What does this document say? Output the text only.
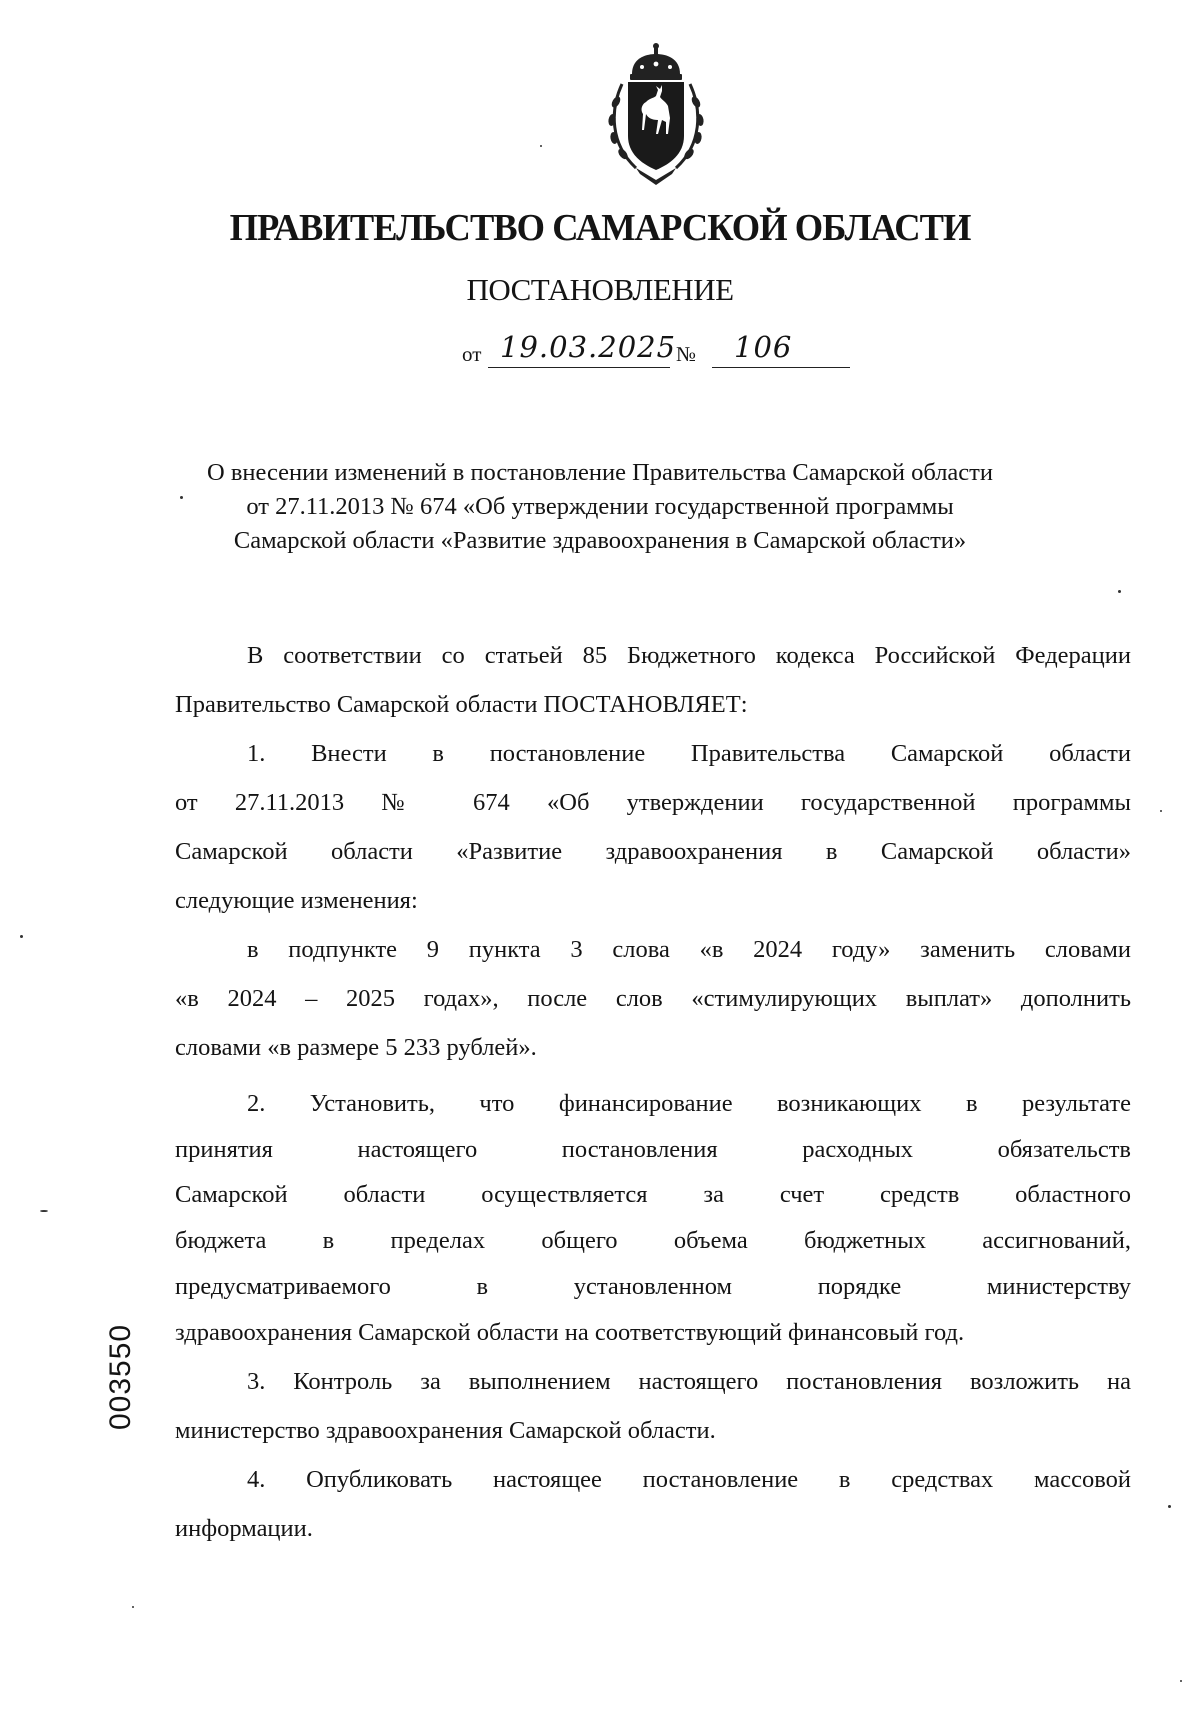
ПРАВИТЕЛЬСТВО САМАРСКОЙ ОБЛАСТИ
ПОСТАНОВЛЕНИЕ
от 19.03.2025 № 106
О внесении изменений в постановление Правительства Самарской области
от 27.11.2013 № 674 «Об утверждении государственной программы
Самарской области «Развитие здравоохранения в Самарской области»
В соответствии со статьей 85 Бюджетного кодекса Российской Федерации
Правительство Самарской области ПОСТАНОВЛЯЕТ:
1. Внести в постановление Правительства Самарской области
от 27.11.2013 № 674 «Об утверждении государственной программы
Самарской области «Развитие здравоохранения в Самарской области»
следующие изменения:
в подпункте 9 пункта 3 слова «в 2024 году» заменить словами
«в 2024 – 2025 годах», после слов «стимулирующих выплат» дополнить
словами «в размере 5 233 рублей».
2. Установить, что финансирование возникающих в результате
принятия настоящего постановления расходных обязательств
Самарской области осуществляется за счет средств областного
бюджета в пределах общего объема бюджетных ассигнований,
предусматриваемого в установленном порядке министерству
здравоохранения Самарской области на соответствующий финансовый год.
3. Контроль за выполнением настоящего постановления возложить на
министерство здравоохранения Самарской области.
4. Опубликовать настоящее постановление в средствах массовой
информации.
003550
